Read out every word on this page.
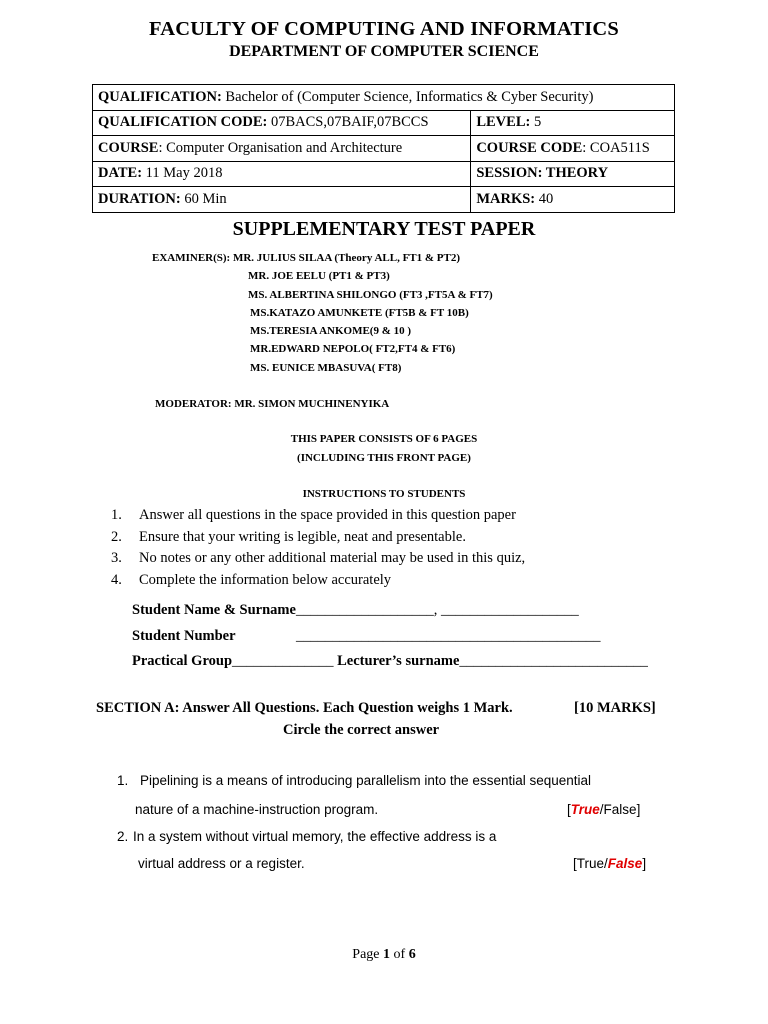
FACULTY OF COMPUTING AND INFORMATICS
DEPARTMENT OF COMPUTER SCIENCE
QUALIFICATION: Bachelor of (Computer Science, Informatics & Cyber Security)	
QUALIFICATION CODE: 07BACS,07BAIF,07BCCS	LEVEL: 5
COURSE: Computer Organisation and Architecture	COURSE CODE: COA511S
DATE: 11 May 2018	SESSION: THEORY
DURATION: 60 Min	MARKS: 40
SUPPLEMENTARY TEST PAPER
EXAMINER(S): MR. JULIUS SILAA (Theory ALL, FT1 & PT2)
MR. JOE EELU (PT1 & PT3)
MS. ALBERTINA SHILONGO (FT3 ,FT5A & FT7)
MS.KATAZO AMUNKETE (FT5B & FT 10B)
MS.TERESIA ANKOME(9 & 10 )
MR.EDWARD NEPOLO( FT2,FT4 & FT6)
MS. EUNICE MBASUVA( FT8)
MODERATOR: MR. SIMON MUCHINENYIKA
THIS PAPER CONSISTS OF 6 PAGES
(INCLUDING THIS FRONT PAGE)
INSTRUCTIONS TO STUDENTS
1. Answer all questions in the space provided in this question paper
2. Ensure that your writing is legible, neat and presentable.
3. No notes or any other additional material may be used in this quiz,
4. Complete the information below accurately
Student Name & Surname___________________, ___________________
Student Number	__________________________________________
Practical Group______________ Lecturer’s surname__________________________
SECTION A: Answer All Questions. Each Question weighs 1 Mark.	[10 MARKS]
Circle the correct answer
1. Pipelining is a means of introducing parallelism into the essential sequential
nature of a machine-instruction program.	[True/False]
2. In a system without virtual memory, the effective address is a
virtual address or a register.	[True/False]
Page 1 of 6
